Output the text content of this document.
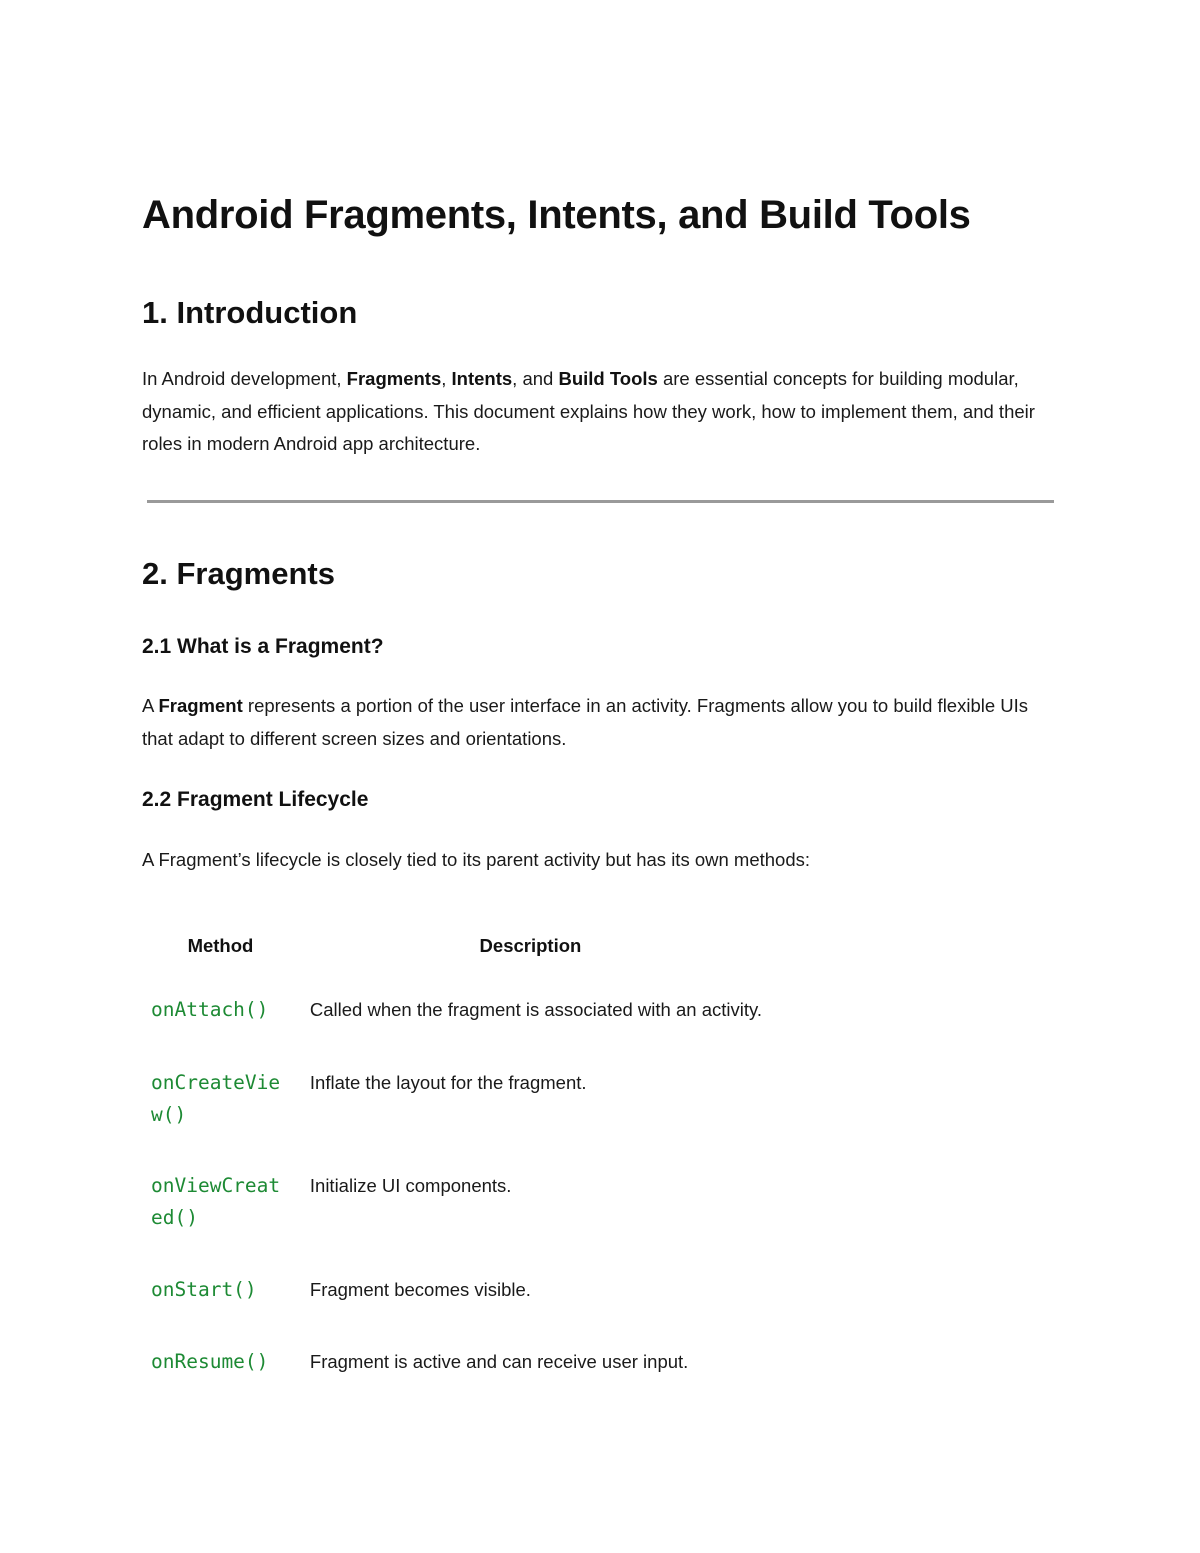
Android Fragments, Intents, and Build Tools
1. Introduction

In Android development, Fragments, Intents, and Build Tools are essential concepts for building modular, dynamic, and efficient applications. This document explains how they work, how to implement them, and their roles in modern Android app architecture.

2. Fragments
2.1 What is a Fragment?

A Fragment represents a portion of the user interface in an activity. Fragments allow you to build flexible UIs that adapt to different screen sizes and orientations.

2.2 Fragment Lifecycle

A Fragment’s lifecycle is closely tied to its parent activity but has its own methods:

Method	Description

onAttach()	Called when the fragment is associated with an activity.
onCreateView()	Inflate the layout for the fragment.
onViewCreated()	Initialize UI components.
onStart()	Fragment becomes visible.
onResume()	Fragment is active and can receive user input.
